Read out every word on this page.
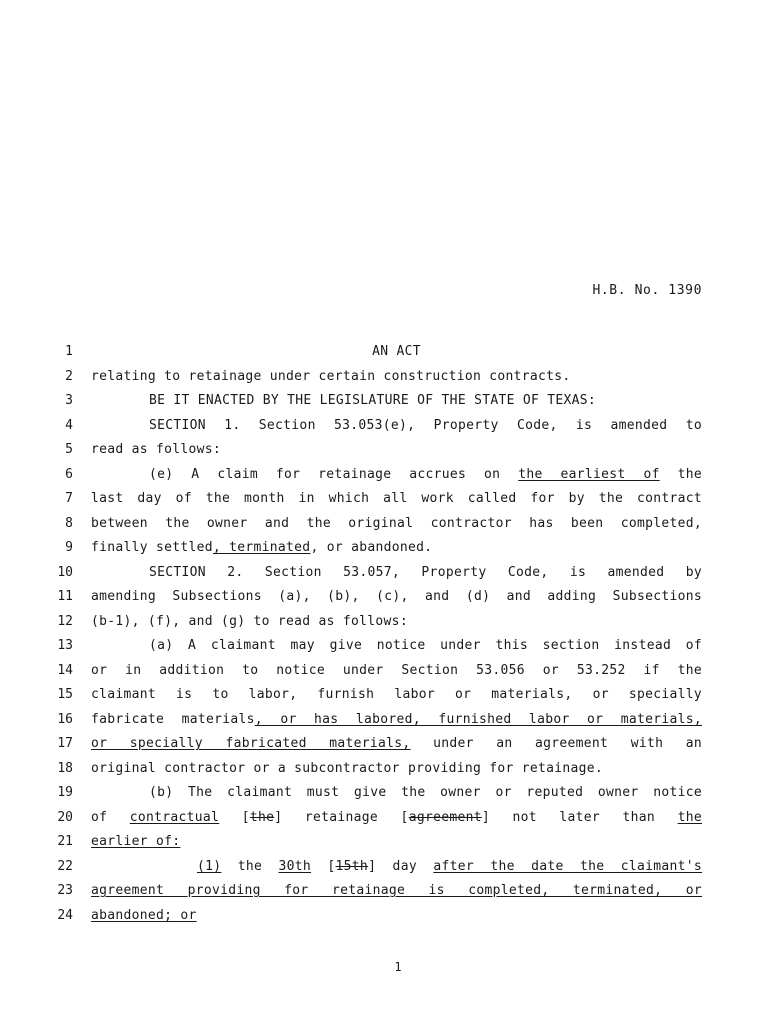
H.B. No. 1390
1	AN ACT
2 relating to retainage under certain construction contracts.
3	BE IT ENACTED BY THE LEGISLATURE OF THE STATE OF TEXAS:
4	SECTION 1. Section 53.053(e), Property Code, is amended to
5 read as follows:
6	(e) A claim for retainage accrues on the earliest of the
7 last day of the month in which all work called for by the contract
8 between the owner and the original contractor has been completed,
9 finally settled, terminated, or abandoned.
10	SECTION 2. Section 53.057, Property Code, is amended by
11 amending Subsections (a), (b), (c), and (d) and adding Subsections
12 (b-1), (f), and (g) to read as follows:
13	(a) A claimant may give notice under this section instead of
14 or in addition to notice under Section 53.056 or 53.252 if the
15 claimant is to labor, furnish labor or materials, or specially
16 fabricate materials, or has labored, furnished labor or materials,
17 or specially fabricated materials, under an agreement with an
18 original contractor or a subcontractor providing for retainage.
19	(b) The claimant must give the owner or reputed owner notice
20 of contractual [the] retainage [agreement] not later than the
21 earlier of:
22	(1) the 30th [15th] day after the date the claimant's
23 agreement providing for retainage is completed, terminated, or
24 abandoned; or
1
